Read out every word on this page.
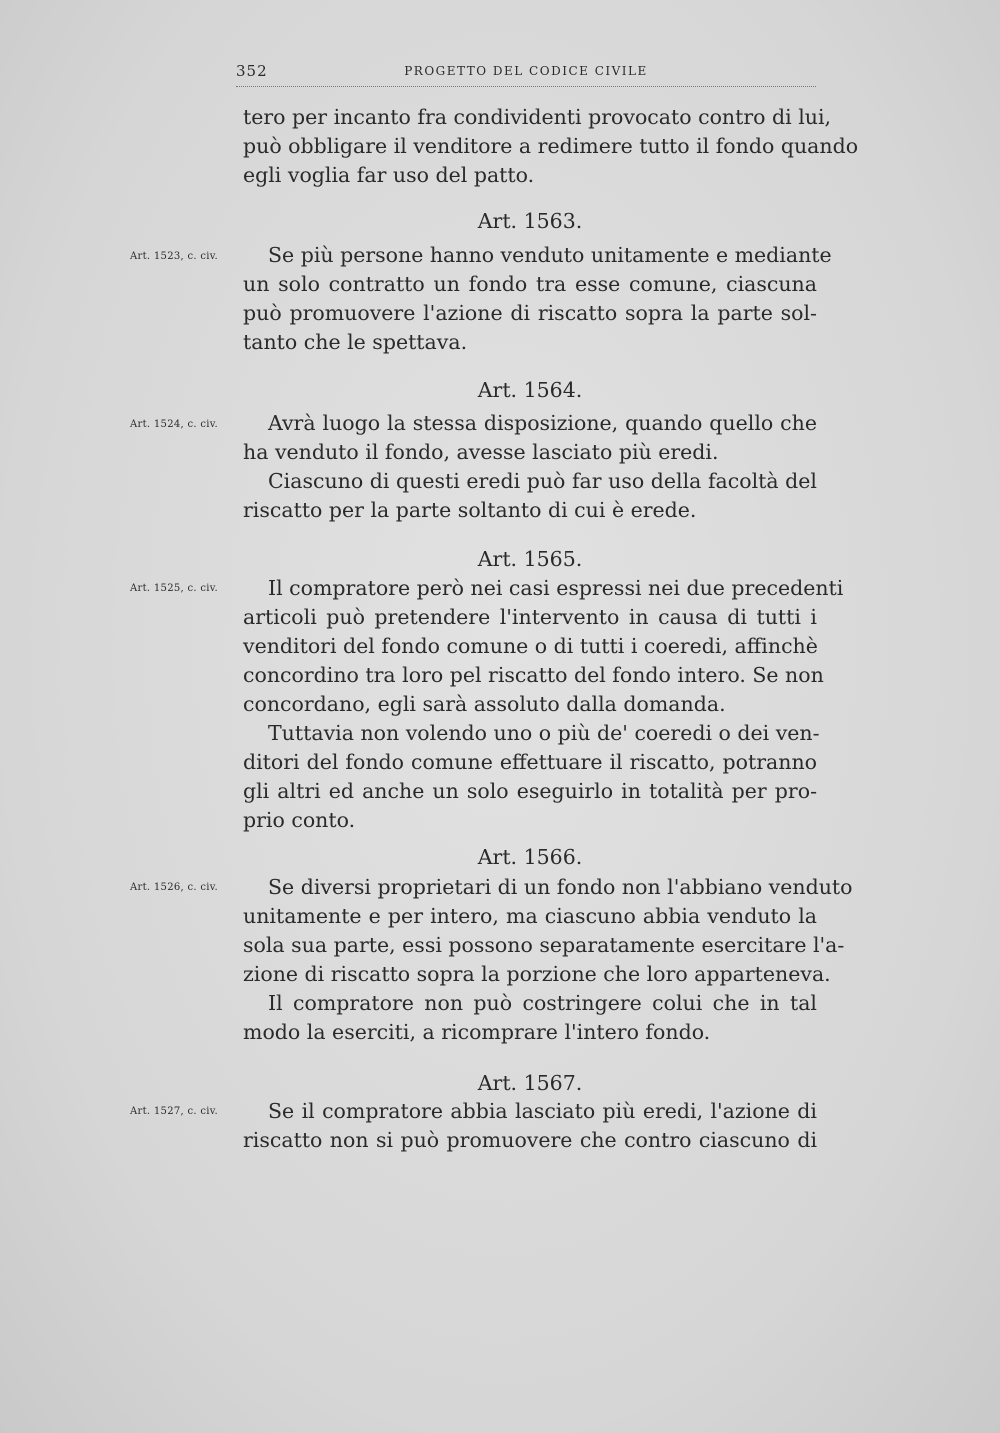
352	PROGETTO DEL CODICE CIVILE
tero per incanto fra condividenti provocato contro di lui,
può obbligare il venditore a redimere tutto il fondo quando
egli voglia far uso del patto.
Art. 1563.
Art. 1523, c. civ.	Se più persone hanno venduto unitamente e mediante
un solo contratto un fondo tra esse comune, ciascuna
può promuovere l'azione di riscatto sopra la parte sol-
tanto che le spettava.
Art. 1564.
Art. 1524, c. civ.	Avrà luogo la stessa disposizione, quando quello che
ha venduto il fondo, avesse lasciato più eredi.
Ciascuno di questi eredi può far uso della facoltà del
riscatto per la parte soltanto di cui è erede.
Art. 1565.
Art. 1525, c. civ.	Il compratore però nei casi espressi nei due precedenti
articoli può pretendere l'intervento in causa di tutti i
venditori del fondo comune o di tutti i coeredi, affinchè
concordino tra loro pel riscatto del fondo intero. Se non
concordano, egli sarà assoluto dalla domanda.
Tuttavia non volendo uno o più de' coeredi o dei ven-
ditori del fondo comune effettuare il riscatto, potranno
gli altri ed anche un solo eseguirlo in totalità per pro-
prio conto.
Art. 1566.
Art. 1526, c. civ.	Se diversi proprietari di un fondo non l'abbiano venduto
unitamente e per intero, ma ciascuno abbia venduto la
sola sua parte, essi possono separatamente esercitare l'a-
zione di riscatto sopra la porzione che loro apparteneva.
Il compratore non può costringere colui che in tal
modo la eserciti, a ricomprare l'intero fondo.
Art. 1567.
Art. 1527, c. civ.	Se il compratore abbia lasciato più eredi, l'azione di
riscatto non si può promuovere che contro ciascuno di
